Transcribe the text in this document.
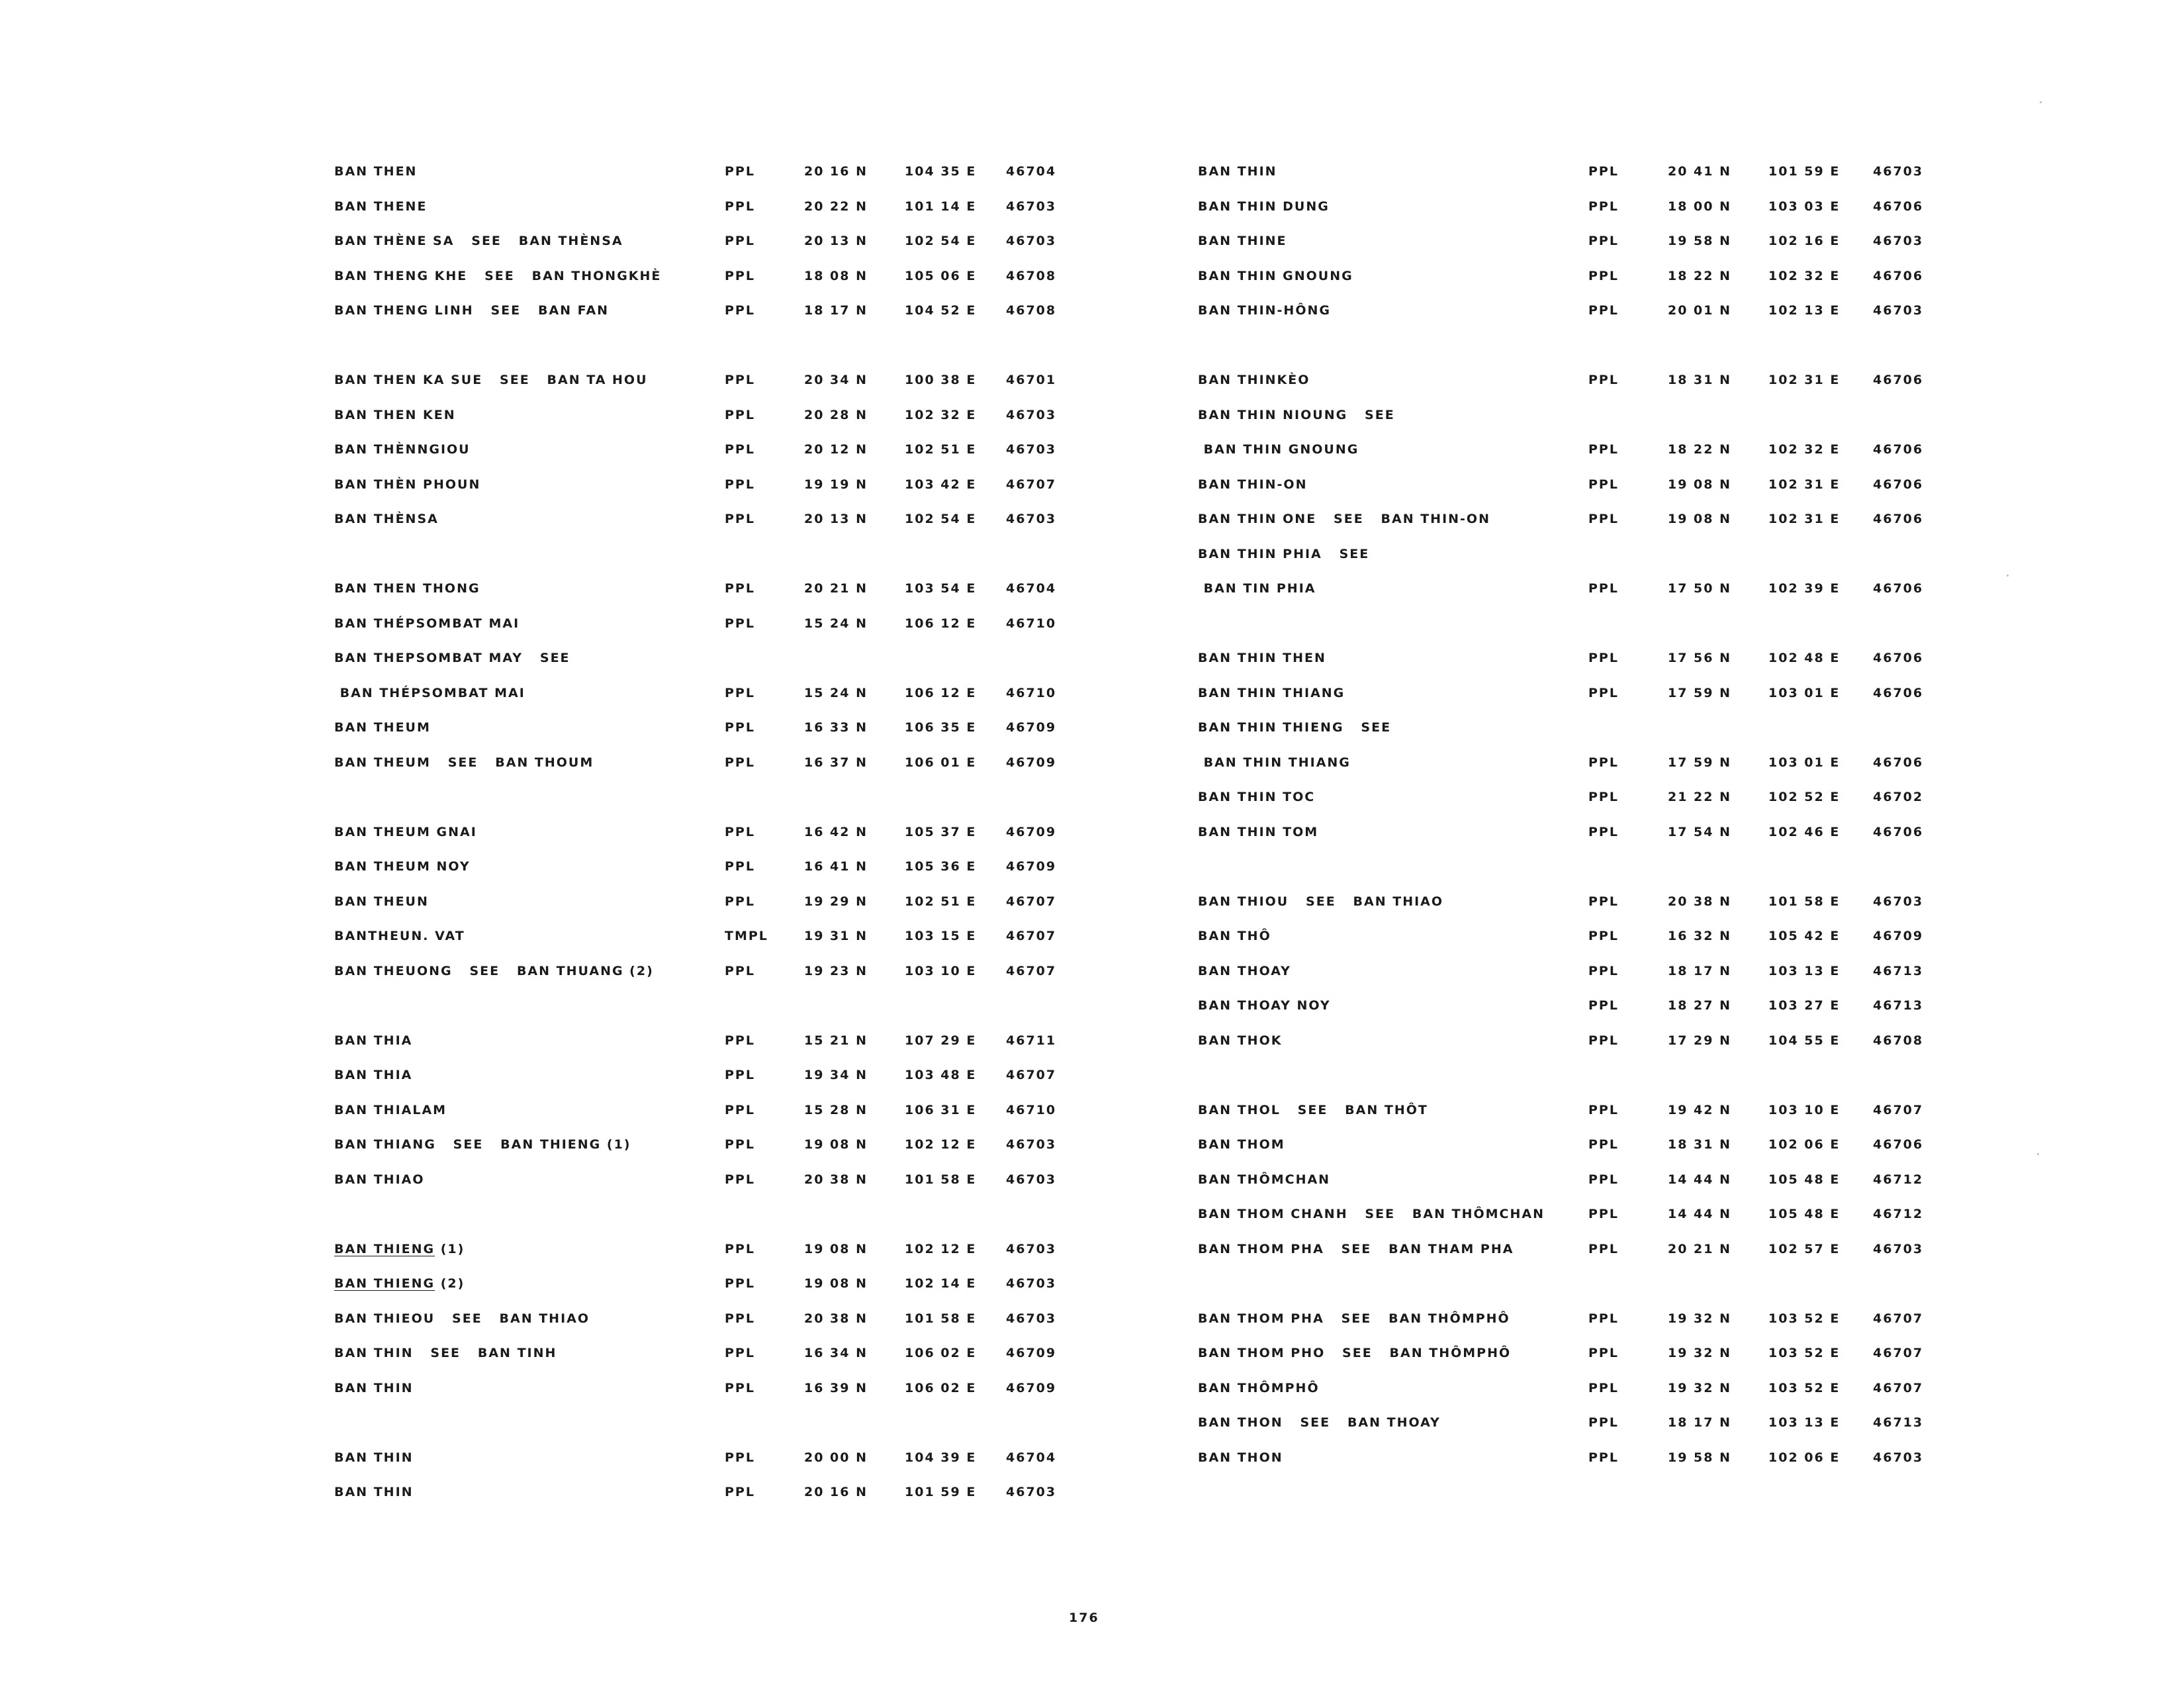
BAN THEN	PPL	20 16 N	104 35 E 46704
BAN THENE	PPL	20 22 N	101 14 E 46703
BAN THÈNE SA   SEE   BAN THÈNSA	PPL	20 13 N	102 54 E 46703
BAN THENG KHE   SEE   BAN THONGKHÈ	PPL	18 08 N	105 06 E 46708
BAN THENG LINH   SEE   BAN FAN	PPL	18 17 N	104 52 E 46708
BAN THEN KA SUE   SEE   BAN TA HOU	PPL	20 34 N	100 38 E 46701
BAN THEN KEN	PPL	20 28 N	102 32 E 46703
BAN THÈNNGIOU	PPL	20 12 N	102 51 E 46703
BAN THÈN PHOUN	PPL	19 19 N	103 42 E 46707
BAN THÈNSA	PPL	20 13 N	102 54 E 46703
BAN THEN THONG	PPL	20 21 N	103 54 E 46704
BAN THÉPSOMBAT MAI	PPL	15 24 N	106 12 E 46710
BAN THEPSOMBAT MAY   SEE
BAN THÉPSOMBAT MAI	PPL	15 24 N	106 12 E 46710
BAN THEUM	PPL	16 33 N	106 35 E 46709
BAN THEUM   SEE   BAN THOUM	PPL	16 37 N	106 01 E 46709
BAN THEUM GNAI	PPL	16 42 N	105 37 E 46709
BAN THEUM NOY	PPL	16 41 N	105 36 E 46709
BAN THEUN	PPL	19 29 N	102 51 E 46707
BANTHEUN. VAT	TMPL	19 31 N	103 15 E 46707
BAN THEUONG   SEE   BAN THUANG (2)	PPL	19 23 N	103 10 E 46707
BAN THIA	PPL	15 21 N	107 29 E 46711
BAN THIA	PPL	19 34 N	103 48 E 46707
BAN THIALAM	PPL	15 28 N	106 31 E 46710
BAN THIANG   SEE   BAN THIENG (1)	PPL	19 08 N	102 12 E 46703
BAN THIAO	PPL	20 38 N	101 58 E 46703
BAN THIENG (1)	PPL	19 08 N	102 12 E 46703
BAN THIENG (2)	PPL	19 08 N	102 14 E 46703
BAN THIEOU   SEE   BAN THIAO	PPL	20 38 N	101 58 E 46703
BAN THIN   SEE   BAN TINH	PPL	16 34 N	106 02 E 46709
BAN THIN	PPL	16 39 N	106 02 E 46709
BAN THIN	PPL	20 00 N	104 39 E 46704
BAN THIN	PPL	20 16 N	101 59 E 46703
BAN THIN	PPL	20 41 N	101 59 E	46703
BAN THIN DUNG	PPL	18 00 N	103 03 E	46706
BAN THINE	PPL	19 58 N	102 16 E	46703
BAN THIN GNOUNG	PPL	18 22 N	102 32 E	46706
BAN THIN-HÔNG	PPL	20 01 N	102 13 E	46703
BAN THINKÈO	PPL	18 31 N	102 31 E	46706
BAN THIN NIOUNG   SEE
BAN THIN GNOUNG	PPL	18 22 N	102 32 E	46706
BAN THIN-ON	PPL	19 08 N	102 31 E	46706
BAN THIN ONE   SEE   BAN THIN-ON	PPL	19 08 N	102 31 E	46706
BAN THIN PHIA   SEE
BAN TIN PHIA	PPL	17 50 N	102 39 E	46706
BAN THIN THEN	PPL	17 56 N	102 48 E	46706
BAN THIN THIANG	PPL	17 59 N	103 01 E	46706
BAN THIN THIENG   SEE
BAN THIN THIANG	PPL	17 59 N	103 01 E	46706
BAN THIN TOC	PPL	21 22 N	102 52 E	46702
BAN THIN TOM	PPL	17 54 N	102 46 E	46706
BAN THIOU   SEE   BAN THIAO	PPL	20 38 N	101 58 E	46703
BAN THÔ	PPL	16 32 N	105 42 E	46709
BAN THOAY	PPL	18 17 N	103 13 E	46713
BAN THOAY NOY	PPL	18 27 N	103 27 E	46713
BAN THOK	PPL	17 29 N	104 55 E	46708
BAN THOL   SEE   BAN THÔT	PPL	19 42 N	103 10 E	46707
BAN THOM	PPL	18 31 N	102 06 E	46706
BAN THÔMCHAN	PPL	14 44 N	105 48 E	46712
BAN THOM CHANH   SEE   BAN THÔMCHAN	PPL	14 44 N	105 48 E	46712
BAN THOM PHA   SEE   BAN THAM PHA	PPL	20 21 N	102 57 E	46703
BAN THOM PHA   SEE   BAN THÔMPHÔ	PPL	19 32 N	103 52 E	46707
BAN THOM PHO   SEE   BAN THÔMPHÔ	PPL	19 32 N	103 52 E	46707
BAN THÔMPHÔ	PPL	19 32 N	103 52 E	46707
BAN THON   SEE   BAN THOAY	PPL	18 17 N	103 13 E	46713
BAN THON	PPL	19 58 N	102 06 E	46703
176
